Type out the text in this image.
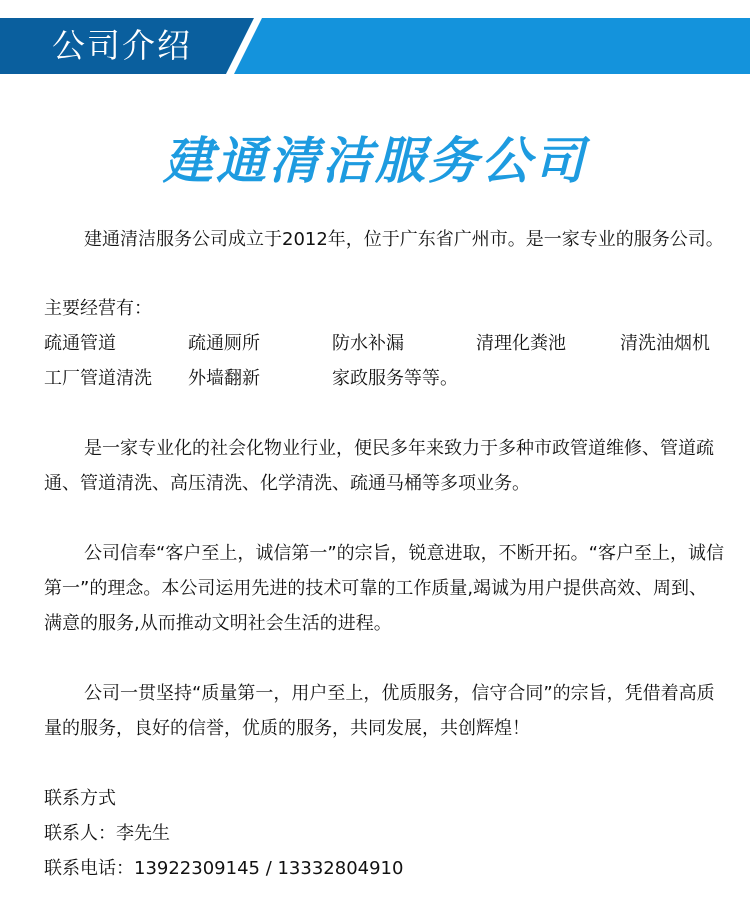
公司介绍
建通清洁服务公司

建通清洁服务公司成立于2012年，位于广东省广州市。是一家专业的服务公司。

主要经营有：

疏通管道	疏通厕所	防水补漏	清理化粪池	清洗油烟机
工厂管道清洗	外墙翻新	家政服务等等。

是一家专业化的社会化物业行业，便民多年来致力于多种市政管道维修、管道疏通、管道清洗、高压清洗、化学清洗、疏通马桶等多项业务。

公司信奉“客户至上，诚信第一”的宗旨，锐意进取，不断开拓。“客户至上，诚信第一”的理念。本公司运用先进的技术可靠的工作质量,竭诚为用户提供高效、周到、满意的服务,从而推动文明社会生活的进程。

公司一贯坚持“质量第一，用户至上，优质服务，信守合同”的宗旨，凭借着高质量的服务，良好的信誉，优质的服务，共同发展，共创辉煌！

联系方式

联系人：李先生

联系电话：13922309145 / 13332804910
